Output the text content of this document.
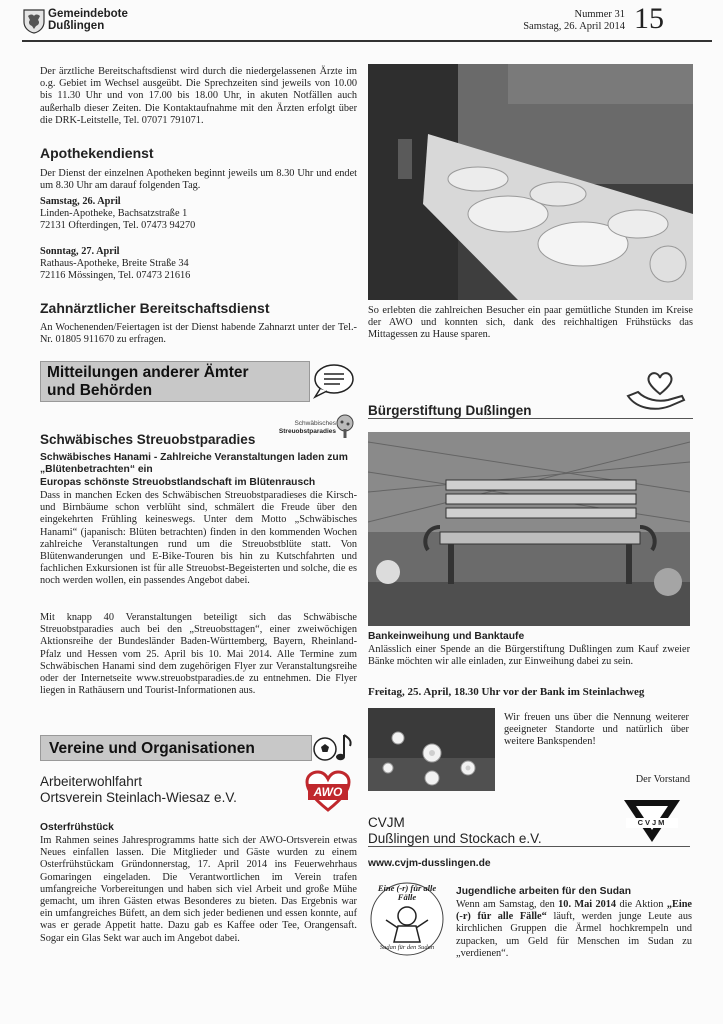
Gemeindebote
Dußlingen
Nummer 31
Samstag, 26. April 2014 15

Der ärztliche Bereitschaftsdienst wird durch die niedergelassenen Ärzte im o.g. Gebiet im Wechsel ausgeübt. Die Sprechzeiten sind jeweils von 10.00 bis 11.30 Uhr und von 17.00 bis 18.00 Uhr, in akuten Notfällen auch außerhalb dieser Zeiten. Die Kontaktaufnahme mit den Ärzten erfolgt über die DRK-Leitstelle, Tel. 07071 791071.

Apothekendienst

Der Dienst der einzelnen Apotheken beginnt jeweils um 8.30 Uhr und endet um 8.30 Uhr am darauf folgenden Tag.

Samstag, 26. April
Linden-Apotheke, Bachsatzstraße 1
72131 Ofterdingen, Tel. 07473 94270
Sonntag, 27. April
Rathaus-Apotheke, Breite Straße 34
72116 Mössingen, Tel. 07473 21616
Zahnärztlicher Bereitschaftsdienst

An Wochenenden/Feiertagen ist der Dienst habende Zahnarzt unter der Tel.-Nr. 01805 911670 zu erfragen.

Mitteilungen anderer Ämter
und Behörden
Schwäbisches
Streuobstparadies
Schwäbisches Streuobstparadies
Schwäbisches Hanami - Zahlreiche Veranstaltungen laden zum „Blütenbetrachten“ ein
Europas schönste Streuobstlandschaft im Blütenrausch

Dass in manchen Ecken des Schwäbischen Streuobstparadieses die Kirsch- und Birnbäume schon verblüht sind, schmälert die Freude über den eingekehrten Frühling keineswegs. Unter dem Motto „Schwäbisches Hanami“ (japanisch: Blüten betrachten) finden in den kommenden Wochen zahlreiche Veranstaltungen rund um die Streuobstblüte statt. Von Blütenwanderungen und E-Bike-Touren bis hin zu Kutschfahrten und fachlichen Exkursionen ist für alle Streuobst-Begeisterten und solche, die es noch werden wollen, ein passendes Angebot dabei.

Mit knapp 40 Veranstaltungen beteiligt sich das Schwäbische Streuobstparadies auch bei den „Streuobsttagen“, einer zweiwöchigen Aktionsreihe der Bundesländer Baden-Württemberg, Bayern, Rheinland-Pfalz und Hessen vom 25. April bis 10. Mai 2014. Alle Termine zum Schwäbischen Hanami sind dem zugehörigen Flyer zur Veranstaltungsreihe oder der Internetseite www.streuobstparadies.de zu entnehmen. Die Flyer liegen in Rathäusern und Tourist-Informationen aus.

Vereine und Organisationen
Arbeiterwohlfahrt
Ortsverein Steinlach-Wiesaz e.V.	AWO
Osterfrühstück

Im Rahmen seines Jahresprogramms hatte sich der AWO-Ortsverein etwas Neues einfallen lassen. Die Mitglieder und Gäste wurden zu einem Osterfrühstückam Gründonnerstag, 17. April 2014 ins Feuerwehrhaus Gomaringen eingeladen. Die Verantwortlichen im Verein trafen umfangreiche Vorbereitungen und haben sich viel Arbeit und große Mühe gemacht, um ihren Gästen etwas Besonderes zu bieten. Das Ergebnis war ein umfangreiches Büfett, an dem sich jeder bedienen und essen konnte, auf was er gerade Appetit hatte. Dazu gab es Kaffee oder Tee, Orangensaft. Sogar ein Glas Sekt war auch im Angebot dabei.

So erlebten die zahlreichen Besucher ein paar gemütliche Stunden im Kreise der AWO und konnten sich, dank des reichhaltigen Frühstücks das Mittagessen zu Hause sparen.

Bürgerstiftung Dußlingen
Bankeinweihung und Banktaufe

Anlässlich einer Spende an die Bürgerstiftung Dußlingen zum Kauf zweier Bänke möchten wir alle einladen, zur Einweihung dabei zu sein.

Freitag, 25. April, 18.30 Uhr vor der Bank im Steinlachweg

Wir freuen uns über die Nennung weiterer geeigneter Standorte und natürlich über weitere Bankspenden!

Der Vorstand
CVJM
Dußlingen und Stockach e.V.
CVJM
www.cvjm-dusslingen.de
Eine (-r) für alle Fälle
Sudan für den Sudan
Jugendliche arbeiten für den Sudan

Wenn am Samstag, den 10. Mai 2014 die Aktion „Eine (-r) für alle Fälle“ läuft, werden junge Leute aus kirchlichen Gruppen die Ärmel hochkrempeln und zupacken, um Geld für Menschen im Sudan zu „verdienen“.
